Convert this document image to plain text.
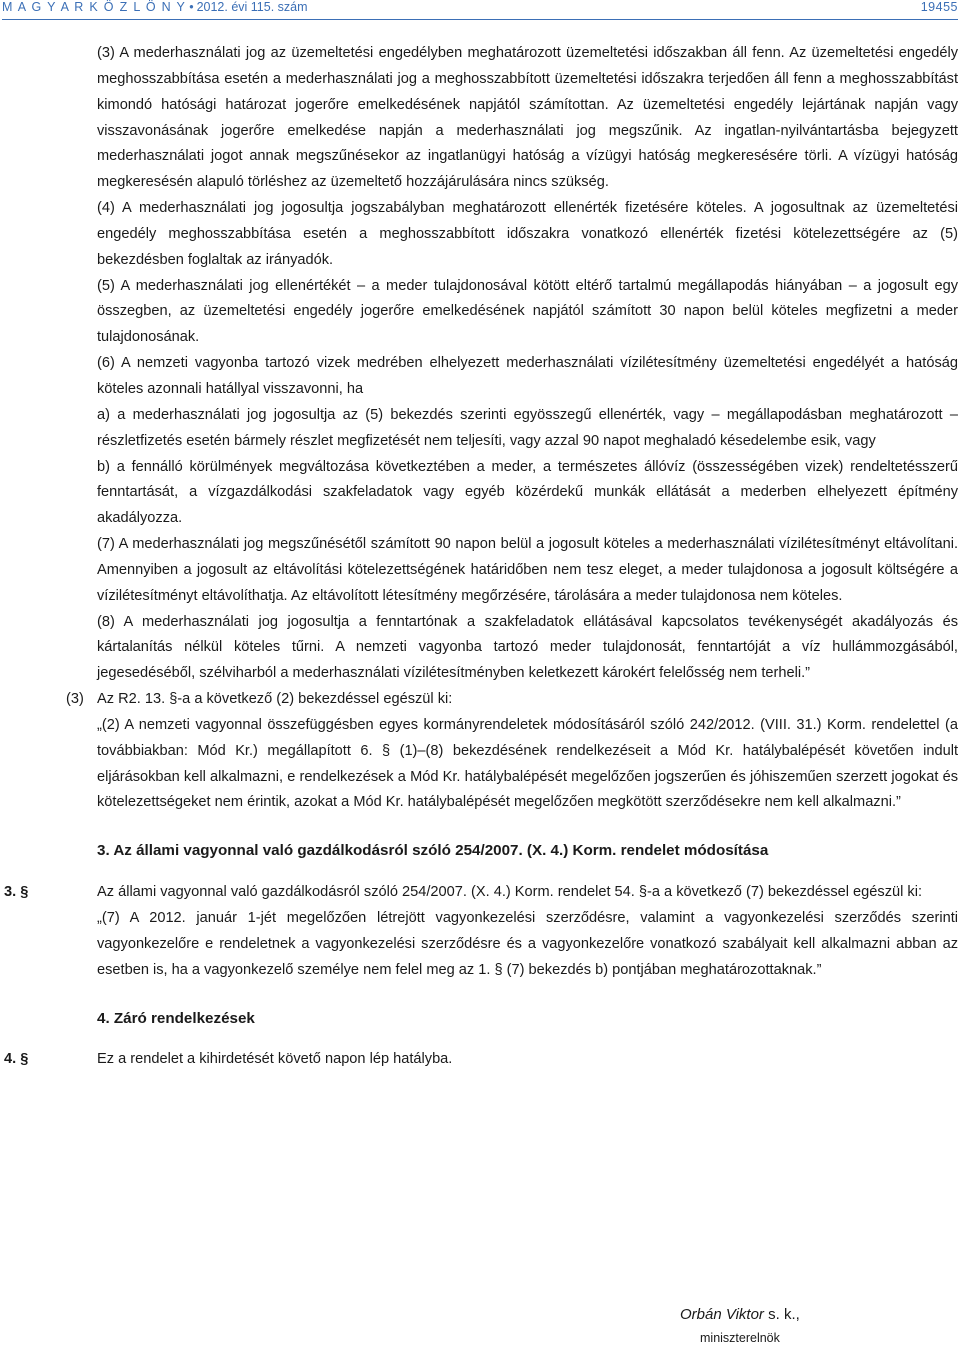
M A G Y A R K Ö Z L Ö N Y • 2012. évi 115. szám	19455

(3) A mederhasználati jog az üzemeltetési engedélyben meghatározott üzemeltetési időszakban áll fenn. Az üzemeltetési engedély meghosszabbítása esetén a mederhasználati jog a meghosszabbított üzemeltetési időszakra terjedően áll fenn a meghosszabbítást kimondó hatósági határozat jogerőre emelkedésének napjától számítottan. Az üzemeltetési engedély lejártának napján vagy visszavonásának jogerőre emelkedése napján a mederhasználati jog megszűnik. Az ingatlan-nyilvántartásba bejegyzett mederhasználati jogot annak megszűnésekor az ingatlanügyi hatóság a vízügyi hatóság megkeresésére törli. A vízügyi hatóság megkeresésén alapuló törléshez az üzemeltető hozzájárulására nincs szükség.

(4) A mederhasználati jog jogosultja jogszabályban meghatározott ellenérték fizetésére köteles. A jogosultnak az üzemeltetési engedély meghosszabbítása esetén a meghosszabbított időszakra vonatkozó ellenérték fizetési kötelezettségére az (5) bekezdésben foglaltak az irányadók.

(5) A mederhasználati jog ellenértékét – a meder tulajdonosával kötött eltérő tartalmú megállapodás hiányában – a jogosult egy összegben, az üzemeltetési engedély jogerőre emelkedésének napjától számított 30 napon belül köteles megfizetni a meder tulajdonosának.

(6) A nemzeti vagyonba tartozó vizek medrében elhelyezett mederhasználati vízilétesítmény üzemeltetési engedélyét a hatóság köteles azonnali hatállyal visszavonni, ha

a) a mederhasználati jog jogosultja az (5) bekezdés szerinti egyösszegű ellenérték, vagy – megállapodásban meghatározott – részletfizetés esetén bármely részlet megfizetését nem teljesíti, vagy azzal 90 napot meghaladó késedelembe esik, vagy

b) a fennálló körülmények megváltozása következtében a meder, a természetes állóvíz (összességében vizek) rendeltetésszerű fenntartását, a vízgazdálkodási szakfeladatok vagy egyéb közérdekű munkák ellátását a mederben elhelyezett építmény akadályozza.

(7) A mederhasználati jog megszűnésétől számított 90 napon belül a jogosult köteles a mederhasználati vízilétesítményt eltávolítani. Amennyiben a jogosult az eltávolítási kötelezettségének határidőben nem tesz eleget, a meder tulajdonosa a jogosult költségére a vízilétesítményt eltávolíthatja. Az eltávolított létesítmény megőrzésére, tárolására a meder tulajdonosa nem köteles.

(8) A mederhasználati jog jogosultja a fenntartónak a szakfeladatok ellátásával kapcsolatos tevékenységét akadályozás és kártalanítás nélkül köteles tűrni. A nemzeti vagyonba tartozó meder tulajdonosát, fenntartóját a víz hullámmozgásából, jegesedéséből, szélviharból a mederhasználati vízilétesítményben keletkezett károkért felelősség nem terheli.”

(3) Az R2. 13. §-a a következő (2) bekezdéssel egészül ki:

„(2) A nemzeti vagyonnal összefüggésben egyes kormányrendeletek módosításáról szóló 242/2012. (VIII. 31.) Korm. rendelettel (a továbbiakban: Mód Kr.) megállapított 6. § (1)–(8) bekezdésének rendelkezéseit a Mód Kr. hatálybalépését követően indult eljárásokban kell alkalmazni, e rendelkezések a Mód Kr. hatálybalépését megelőzően jogszerűen és jóhiszeműen szerzett jogokat és kötelezettségeket nem érintik, azokat a Mód Kr. hatálybalépését megelőzően megkötött szerződésekre nem kell alkalmazni.”

3. Az állami vagyonnal való gazdálkodásról szóló 254/2007. (X. 4.) Korm. rendelet módosítása

3. §	Az állami vagyonnal való gazdálkodásról szóló 254/2007. (X. 4.) Korm. rendelet 54. §-a a következő (7) bekezdéssel egészül ki:

„(7) A 2012. január 1-jét megelőzően létrejött vagyonkezelési szerződésre, valamint a vagyonkezelési szerződés szerinti vagyonkezelőre e rendeletnek a vagyonkezelési szerződésre és a vagyonkezelőre vonatkozó szabályait kell alkalmazni abban az esetben is, ha a vagyonkezelő személye nem felel meg az 1. § (7) bekezdés b) pontjában meghatározottaknak.”

4. Záró rendelkezések

4. §	Ez a rendelet a kihirdetését követő napon lép hatályba.
Orbán Viktor s. k.,
miniszterelnök
